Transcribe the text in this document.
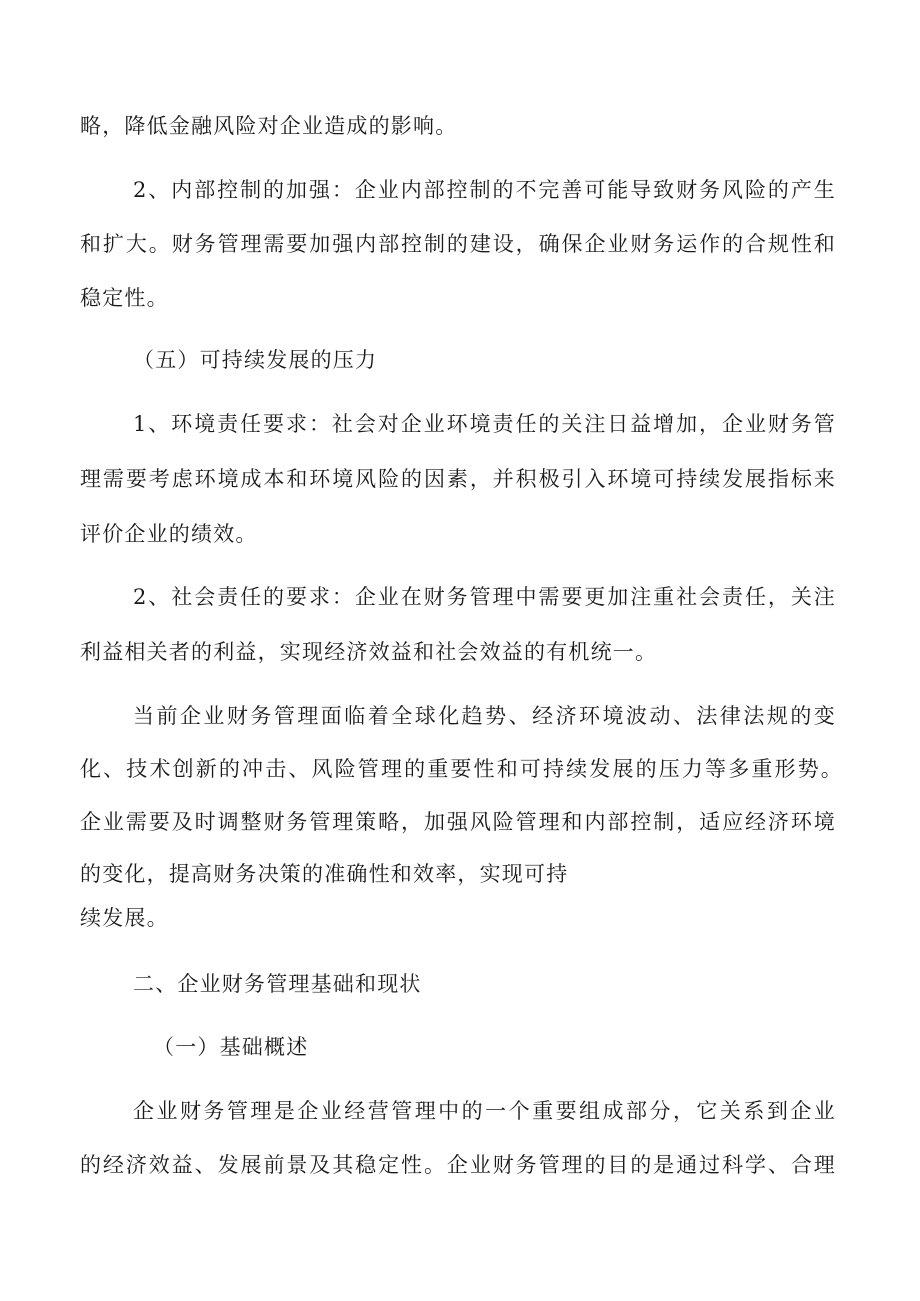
略，降低金融风险对企业造成的影响。
2、内部控制的加强：企业内部控制的不完善可能导致财务风险的产生
和扩大。财务管理需要加强内部控制的建设，确保企业财务运作的合规性和
稳定性。
（五）可持续发展的压力
1、环境责任要求：社会对企业环境责任的关注日益增加，企业财务管
理需要考虑环境成本和环境风险的因素，并积极引入环境可持续发展指标来
评价企业的绩效。
2、社会责任的要求：企业在财务管理中需要更加注重社会责任，关注
利益相关者的利益，实现经济效益和社会效益的有机统一。
当前企业财务管理面临着全球化趋势、经济环境波动、法律法规的变
化、技术创新的冲击、风险管理的重要性和可持续发展的压力等多重形势。
企业需要及时调整财务管理策略，加强风险管理和内部控制，适应经济环境
的变化，提高财务决策的准确性和效率，实现可持
续发展。
二、企业财务管理基础和现状
（一）基础概述
企业财务管理是企业经营管理中的一个重要组成部分，它关系到企业
的经济效益、发展前景及其稳定性。企业财务管理的目的是通过科学、合理
